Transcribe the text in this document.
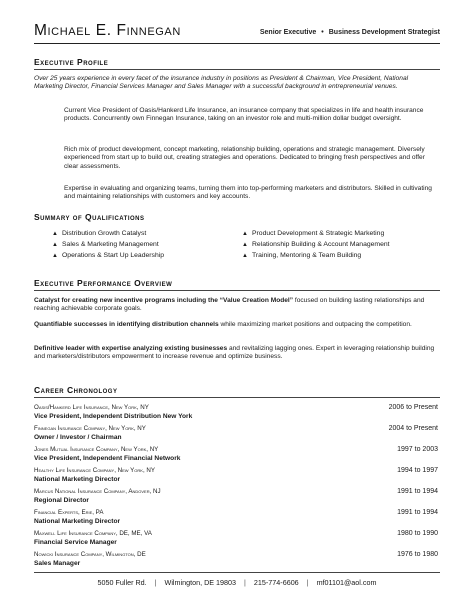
Michael E. Finnegan	Senior Executive • Business Development Strategist
Executive Profile
Over 25 years experience in every facet of the insurance industry in positions as President & Chairman, Vice President, National Marketing Director, Financial Services Manager and Sales Manager with a successful background in entrepreneurial venues.
Current Vice President of Oasis/Hankerd Life Insurance, an insurance company that specializes in life and health insurance products. Concurrently own Finnegan Insurance, taking on an investor role and multi-million dollar budget oversight.
Rich mix of product development, concept marketing, relationship building, operations and strategic management. Diversely experienced from start up to build out, creating strategies and operations. Dedicated to bringing fresh perspectives and offer clear assessments.
Expertise in evaluating and organizing teams, turning them into top-performing marketers and distributors. Skilled in cultivating and maintaining relationships with customers and key accounts.
Summary of Qualifications
▲ Distribution Growth Catalyst
▲ Sales & Marketing Management
▲ Operations & Start Up Leadership
▲ Product Development & Strategic Marketing
▲ Relationship Building & Account Management
▲ Training, Mentoring & Team Building
Executive Performance Overview
Catalyst for creating new incentive programs including the “Value Creation Model” focused on building lasting relationships and reaching achievable corporate goals.
Quantifiable successes in identifying distribution channels while maximizing market positions and outpacing the competition.
Definitive leader with expertise analyzing existing businesses and revitalizing lagging ones. Expert in leveraging relationship building and marketers/distributors empowerment to increase revenue and optimize business.
Career Chronology
Oasis/Hankerd Life Insurance, New York, NY	2006 to Present
Vice President, Independent Distribution New York
Finnegan Insurance Company, New York, NY	2004 to Present
Owner / Investor / Chairman
Jones Mutual Insurance Company, New York, NY	1997 to 2003
Vice President, Independent Financial Network
Healthy Life Insurance Company, New York, NY	1994 to 1997
National Marketing Director
Marcus National Insurance Company, Andover, NJ	1991 to 1994
Regional Director
Financial Experts, Erie, PA	1991 to 1994
National Marketing Director
Maxwell Life Insurance Company, DE, ME, VA	1980 to 1990
Financial Service Manager
Nowicki Insurance Company, Wilmington, DE	1976 to 1980
Sales Manager
5050 Fuller Rd. | Wilmington, DE 19803 | 215-774-6606 | mf01101@aol.com
